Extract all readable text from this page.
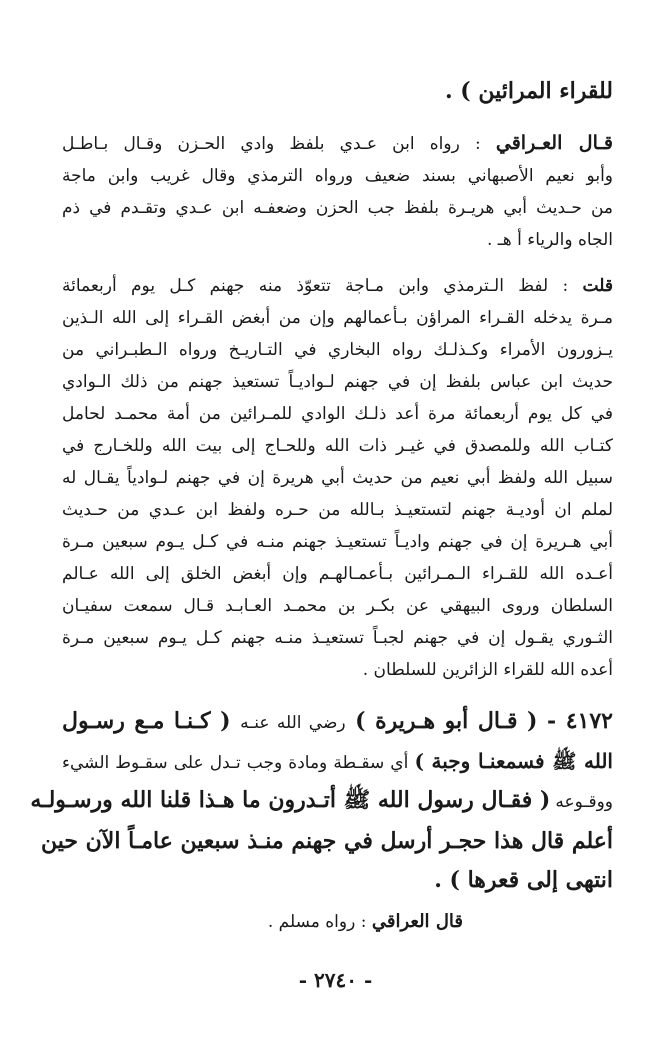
للقراء المرائين ) .
قـال العـراقي : رواه ابن عـدي بلفظ وادي الحـزن وقـال بـاطـل
وأبو نعيم الأصبهاني بسند ضعيف ورواه الترمذي وقال غريب وابن ماجة
من حـديث أبي هريـرة بلفظ جب الحزن وضعفـه ابن عـدي وتقـدم في ذم
الجاه والرياء أ هـ .
قلت : لفظ الـترمذي وابن مـاجة تتعوّذ منه جهنم كـل يوم أربعمائة
مـرة يدخله القـراء المراؤن بـأعمالهم وإن من أبغض القـراء إلى الله الـذين
يـزورون الأمراء وكـذلـك رواه البخاري في التـاريـخ ورواه الـطبـراني من
حديث ابن عباس بلفظ إن في جهنم لـواديـاً تستعيذ جهنم من ذلك الـوادي
في كل يوم أربعمائة مرة أعد ذلـك الوادي للمـرائين من أمة محمـد لحامل
كتـاب الله وللمصدق في غيـر ذات الله وللحـاج إلى بيت الله وللخـارج في
سبيل الله ولفظ أبي نعيم من حديث أبي هريرة إن في جهنم لـوادياً يقـال له
لملم ان أوديـة جهنم لتستعيـذ بـالله من حـره ولفظ ابن عـدي من حـديث
أبي هـريرة إن في جهنم واديـاً تستعيـذ جهنم منـه في كـل يـوم سبعين مـرة
أعـده الله للقـراء الـمـرائين بـأعمـالهـم وإن أبغض الخلق إلى الله عـالم
السلطان وروى البيهقي عن بكـر بن محمـد العـابـد قـال سمعت سفيـان
الثـوري يقـول إن في جهنم لجبـاً تستعيـذ منـه جهنم كـل يـوم سبعين مـرة
أعده الله للقراء الزائرين للسلطان .
٤١٧٢ - ( قـال أبو هـريرة ) رضي الله عنـه ( كـنـا مـع رسـول
الله ﷺ فسمعنـا وجبة ) أي سقـطة ومادة وجب تـدل على سقـوط الشيء
ووقـوعه ( فقـال رسول الله ﷺ أتـدرون ما هـذا قلنا الله ورسـولـه
أعلم قال هذا حجـر أرسل في جهنم منـذ سبعين عامـاً الآن حين
انتهى إلى قعرها ) .
قال العراقي : رواه مسلم .
- ٢٧٤٠ -
